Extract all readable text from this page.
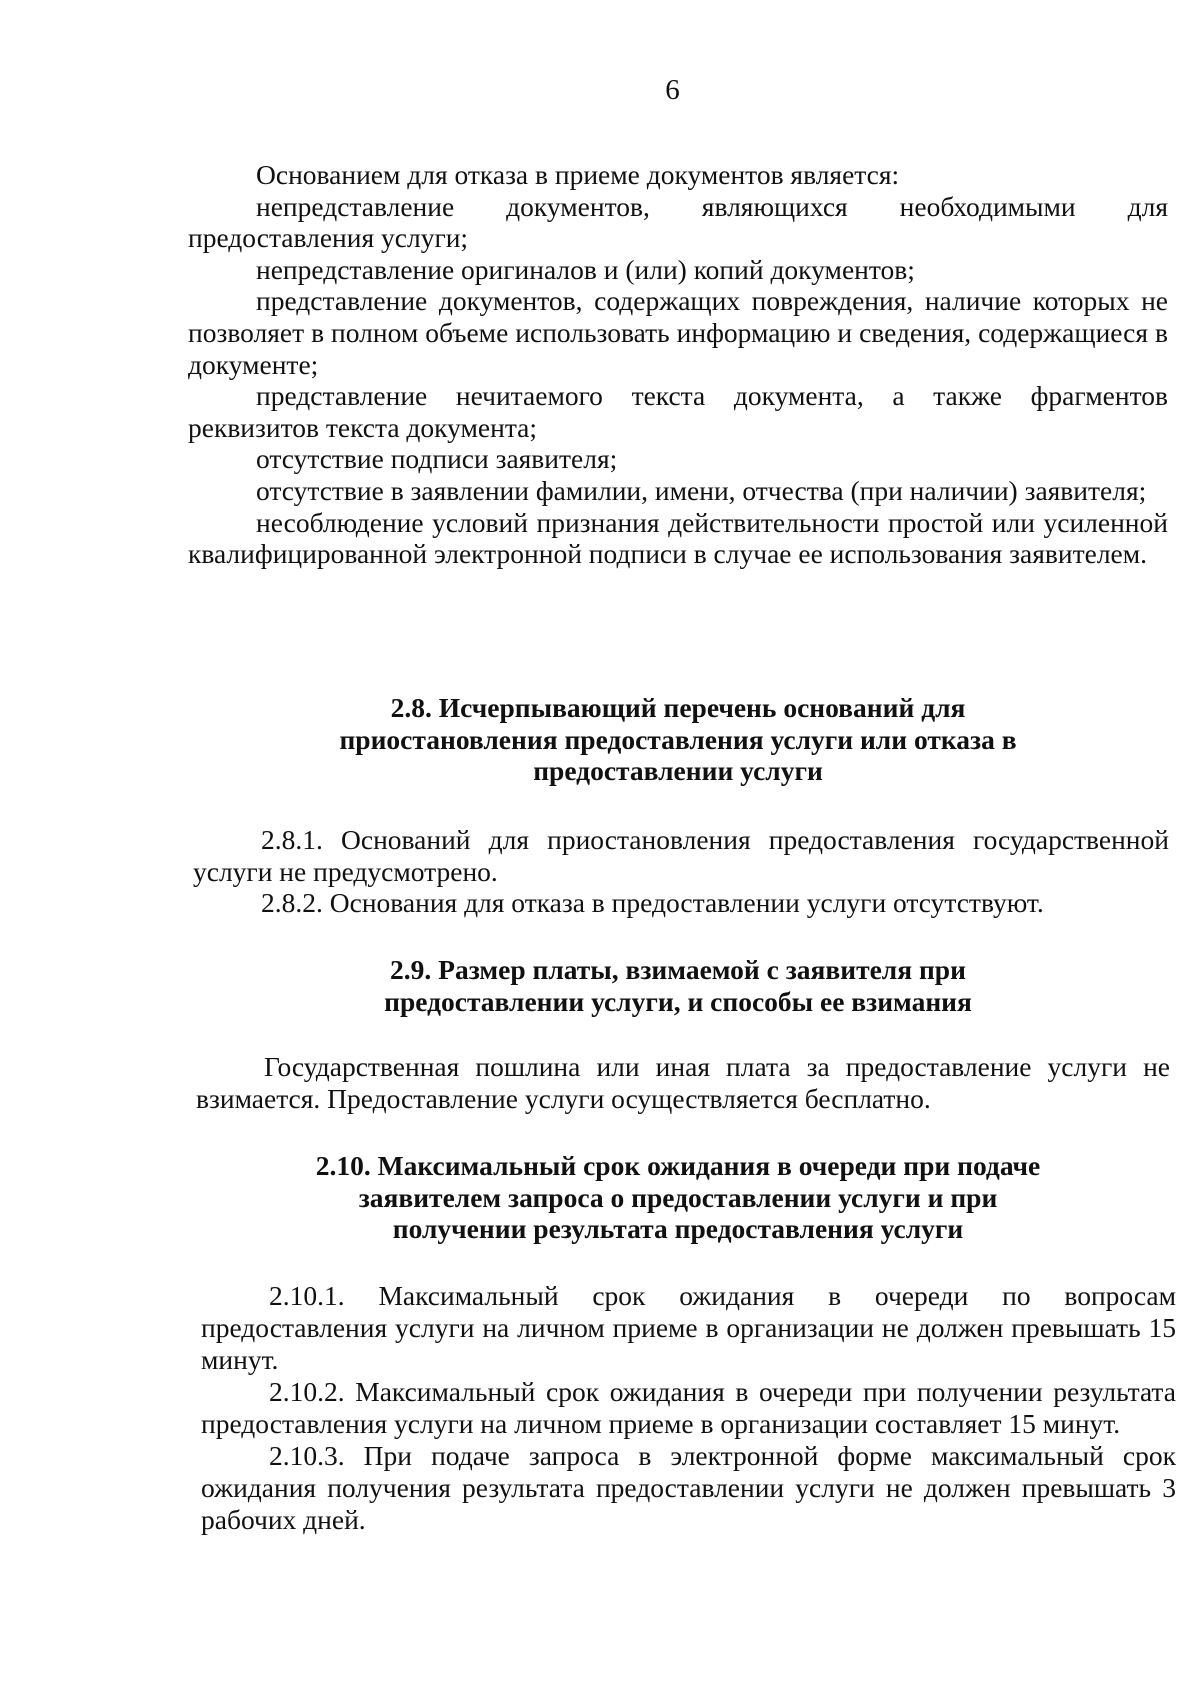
6

Основанием для отказа в приеме документов является:

непредставление документов, являющихся необходимыми для предоставления услуги;

непредставление оригиналов и (или) копий документов;

представление документов, содержащих повреждения, наличие которых не позволяет в полном объеме использовать информацию и сведения, содержащиеся в документе;

представление нечитаемого текста документа, а также фрагментов реквизитов текста документа;

отсутствие подписи заявителя;

отсутствие в заявлении фамилии, имени, отчества (при наличии) заявителя;

несоблюдение условий признания действительности простой или усиленной квалифицированной электронной подписи в случае ее использования заявителем.

2.8. Исчерпывающий перечень оснований для
приостановления предоставления услуги или отказа в
предоставлении услуги

2.8.1. Оснований для приостановления предоставления государственной услуги не предусмотрено.

2.8.2. Основания для отказа в предоставлении услуги отсутствуют.

2.9. Размер платы, взимаемой с заявителя при
предоставлении услуги, и способы ее взимания

Государственная пошлина или иная плата за предоставление услуги не взимается. Предоставление услуги осуществляется бесплатно.

2.10. Максимальный срок ожидания в очереди при подаче
заявителем запроса о предоставлении услуги и при
получении результата предоставления услуги

2.10.1. Максимальный срок ожидания в очереди по вопросам предоставления услуги на личном приеме в организации не должен превышать 15 минут.

2.10.2. Максимальный срок ожидания в очереди при получении результата предоставления услуги на личном приеме в организации составляет 15 минут.

2.10.3. При подаче запроса в электронной форме максимальный срок ожидания получения результата предоставлении услуги не должен превышать 3 рабочих дней.
